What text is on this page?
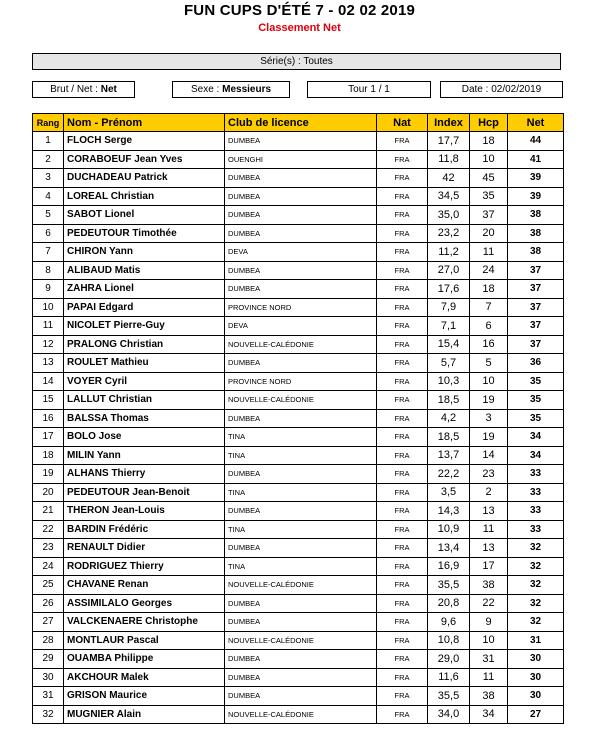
FUN CUPS D'ÉTÉ 7 - 02 02 2019
Classement Net
Série(s) : Toutes
Brut / Net : Net	Sexe : Messieurs	Tour 1 / 1	Date : 02/02/2019
Rang	Nom - Prénom	Club de licence	Nat	Index	Hcp	Net
1	FLOCH Serge	DUMBEA	FRA	17,7	18	44
2	CORABOEUF Jean Yves	OUENGHI	FRA	11,8	10	41
3	DUCHADEAU Patrick	DUMBEA	FRA	42	45	39
4	LOREAL Christian	DUMBEA	FRA	34,5	35	39
5	SABOT Lionel	DUMBEA	FRA	35,0	37	38
6	PEDEUTOUR Timothée	DUMBEA	FRA	23,2	20	38
7	CHIRON Yann	DEVA	FRA	11,2	11	38
8	ALIBAUD Matis	DUMBEA	FRA	27,0	24	37
9	ZAHRA Lionel	DUMBEA	FRA	17,6	18	37
10	PAPAI Edgard	PROVINCE NORD	FRA	7,9	7	37
11	NICOLET Pierre-Guy	DEVA	FRA	7,1	6	37
12	PRALONG Christian	NOUVELLE-CALÉDONIE	FRA	15,4	16	37
13	ROULET Mathieu	DUMBEA	FRA	5,7	5	36
14	VOYER Cyril	PROVINCE NORD	FRA	10,3	10	35
15	LALLUT Christian	NOUVELLE-CALÉDONIE	FRA	18,5	19	35
16	BALSSA Thomas	DUMBEA	FRA	4,2	3	35
17	BOLO Jose	TINA	FRA	18,5	19	34
18	MILIN Yann	TINA	FRA	13,7	14	34
19	ALHANS Thierry	DUMBEA	FRA	22,2	23	33
20	PEDEUTOUR Jean-Benoit	TINA	FRA	3,5	2	33
21	THERON Jean-Louis	DUMBEA	FRA	14,3	13	33
22	BARDIN Frédéric	TINA	FRA	10,9	11	33
23	RENAULT Didier	DUMBEA	FRA	13,4	13	32
24	RODRIGUEZ Thierry	TINA	FRA	16,9	17	32
25	CHAVANE Renan	NOUVELLE-CALÉDONIE	FRA	35,5	38	32
26	ASSIMILALO Georges	DUMBEA	FRA	20,8	22	32
27	VALCKENAERE Christophe	DUMBEA	FRA	9,6	9	32
28	MONTLAUR Pascal	NOUVELLE-CALÉDONIE	FRA	10,8	10	31
29	OUAMBA Philippe	DUMBEA	FRA	29,0	31	30
30	AKCHOUR Malek	DUMBEA	FRA	11,6	11	30
31	GRISON Maurice	DUMBEA	FRA	35,5	38	30
32	MUGNIER Alain	NOUVELLE-CALÉDONIE	FRA	34,0	34	27
